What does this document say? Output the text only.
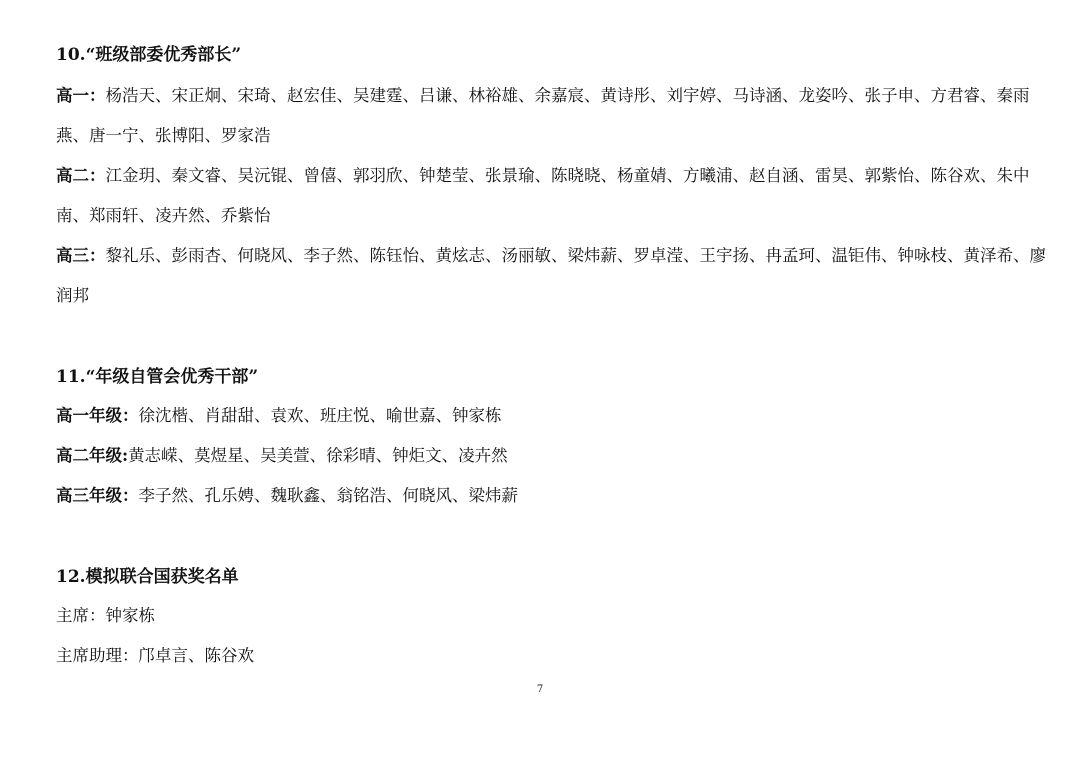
10.“班级部委优秀部长”

高一：杨浩天、宋正炯、宋琦、赵宏佳、吴建霆、吕谦、林裕雄、余嘉宸、黄诗彤、刘宇婷、马诗涵、龙姿吟、张子申、方君睿、秦雨燕、唐一宁、张博阳、罗家浩

高二：江金玥、秦文睿、吴沅锟、曾僖、郭羽欣、钟楚莹、张景瑜、陈晓晓、杨童婧、方曦浦、赵自涵、雷昊、郭紫怡、陈谷欢、朱中南、郑雨轩、凌卉然、乔紫怡

高三：黎礼乐、彭雨杏、何晓风、李子然、陈钰怡、黄炫志、汤丽敏、梁炜薪、罗卓滢、王宇扬、冉孟珂、温钜伟、钟咏枝、黄泽希、廖润邦

11.“年级自管会优秀干部”

高一年级：徐沈楷、肖甜甜、袁欢、班庄悦、喻世嘉、钟家栋

高二年级:黄志嵘、莫煜星、吴美萱、徐彩晴、钟炬文、凌卉然

高三年级：李子然、孔乐娉、魏耿鑫、翁铭浩、何晓风、梁炜薪

12.模拟联合国获奖名单

主席：钟家栋

主席助理：邝卓言、陈谷欢

7
